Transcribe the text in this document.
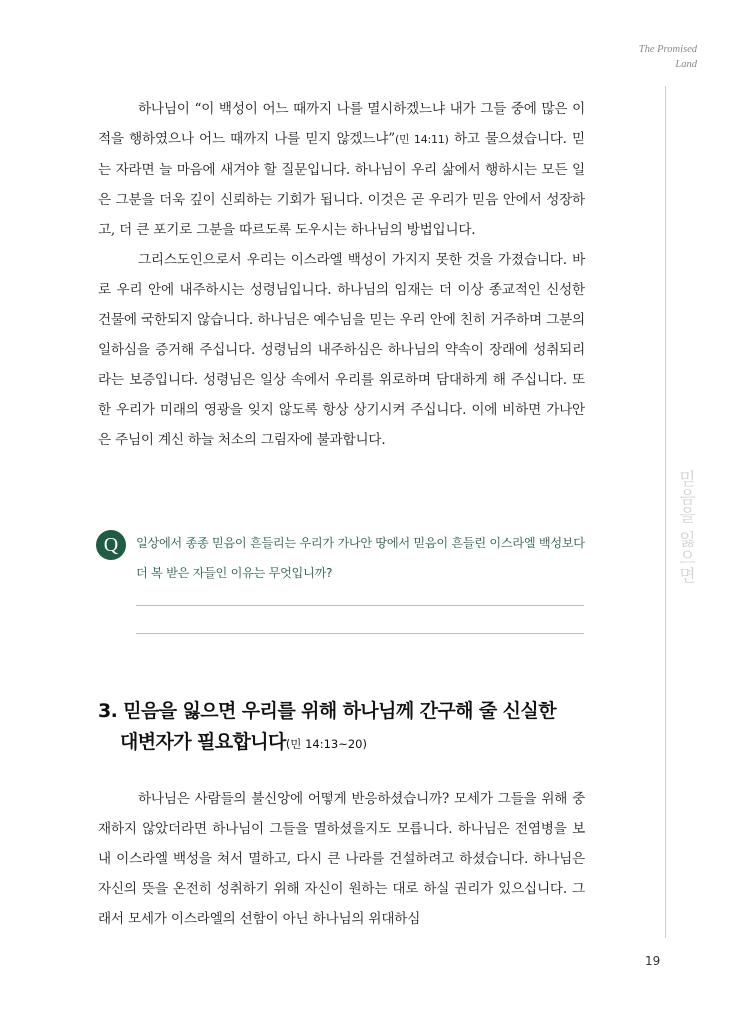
The Promised
Land
믿음을 잃으면

하나님이 “이 백성이 어느 때까지 나를 멸시하겠느냐 내가 그들 중에 많은 이적을 행하였으나 어느 때까지 나를 믿지 않겠느냐”(민 14:11) 하고 물으셨습니다. 믿는 자라면 늘 마음에 새겨야 할 질문입니다. 하나님이 우리 삶에서 행하시는 모든 일은 그분을 더욱 깊이 신뢰하는 기회가 됩니다. 이것은 곧 우리가 믿음 안에서 성장하고, 더 큰 포기로 그분을 따르도록 도우시는 하나님의 방법입니다.

그리스도인으로서 우리는 이스라엘 백성이 가지지 못한 것을 가졌습니다. 바로 우리 안에 내주하시는 성령님입니다. 하나님의 임재는 더 이상 종교적인 신성한 건물에 국한되지 않습니다. 하나님은 예수님을 믿는 우리 안에 친히 거주하며 그분의 일하심을 증거해 주십니다. 성령님의 내주하심은 하나님의 약속이 장래에 성취되리라는 보증입니다. 성령님은 일상 속에서 우리를 위로하며 담대하게 해 주십니다. 또한 우리가 미래의 영광을 잊지 않도록 항상 상기시켜 주십니다. 이에 비하면 가나안은 주님이 계신 하늘 처소의 그림자에 불과합니다.

Q	일상에서 종종 믿음이 흔들리는 우리가 가나안 땅에서 믿음이 흔들린 이스라엘 백성보다 더 복 받은 자들인 이유는 무엇입니까?
3. 믿음을 잃으면 우리를 위해 하나님께 간구해 줄 신실한
대변자가 필요합니다(민 14:13~20)

하나님은 사람들의 불신앙에 어떻게 반응하셨습니까? 모세가 그들을 위해 중재하지 않았더라면 하나님이 그들을 멸하셨을지도 모릅니다. 하나님은 전염병을 보내 이스라엘 백성을 쳐서 멸하고, 다시 큰 나라를 건설하려고 하셨습니다. 하나님은 자신의 뜻을 온전히 성취하기 위해 자신이 원하는 대로 하실 권리가 있으십니다. 그래서 모세가 이스라엘의 선함이 아닌 하나님의 위대하심

19
